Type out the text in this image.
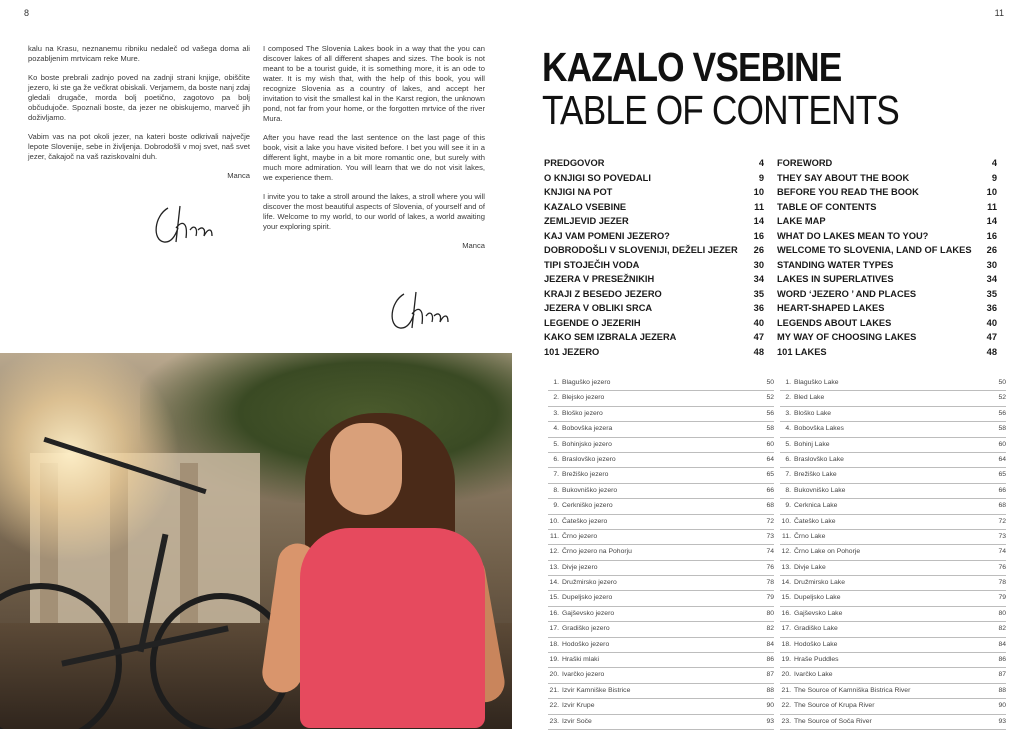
8

kalu na Krasu, neznanemu ribniku nedaleč od vašega doma ali pozabljenim mrtvicam reke Mure.

Ko boste prebrali zadnjo poved na zadnji strani knjige, obiščite jezero, ki ste ga že večkrat obiskali. Verjamem, da boste nanj zdaj gledali drugače, morda bolj poetično, zagotovo pa bolj občudujoče. Spoznali boste, da jezer ne obiskujemo, marveč jih doživljamo.

Vabim vas na pot okoli jezer, na kateri boste odkrivali največje lepote Slovenije, sebe in življenja. Dobrodošli v moj svet, naš svet jezer, čakajoč na vaš raziskovalni duh.

Manca

I composed The Slovenia Lakes book in a way that the you can discover lakes of all different shapes and sizes. The book is not meant to be a tourist guide, it is something more, it is an ode to water. It is my wish that, with the help of this book, you will recognize Slovenia as a country of lakes, and accept her invitation to visit the smallest kal in the Karst region, the unknown pond, not far from your home, or the forgotten mrtvice of the river Mura.

After you have read the last sentence on the last page of this book, visit a lake you have visited before. I bet you will see it in a different light, maybe in a bit more romantic one, but surely with much more admiration. You will learn that we do not visit lakes, we experience them.

I invite you to take a stroll around the lakes, a stroll where you will discover the most beautiful aspects of Slovenia, of yourself and of life. Welcome to my world, to our world of lakes, a world awaiting your exploring spirit.

Manca
11
KAZALO VSEBINE
TABLE OF CONTENTS
PREDGOVOR	4
O KNJIGI SO POVEDALI	9
KNJIGI NA POT	10
KAZALO VSEBINE	11
ZEMLJEVID JEZER	14
KAJ VAM POMENI JEZERO?	16
DOBRODOŠLI V SLOVENIJI, DEŽELI JEZER 26
TIPI STOJEČIH VODA	30
JEZERA V PRESEŽNIKIH	34
KRAJI Z BESEDO JEZERO	35
JEZERA V OBLIKI SRCA	36
LEGENDE O JEZERIH	40
KAKO SEM IZBRALA JEZERA	47
101 JEZERO	48
FOREWORD	4
THEY SAY ABOUT THE BOOK	9
BEFORE YOU READ THE BOOK	10
TABLE OF CONTENTS	11
LAKE MAP	14
WHAT DO LAKES MEAN TO YOU?	16
WELCOME TO SLOVENIA, LAND OF LAKES 26
STANDING WATER TYPES	30
LAKES IN SUPERLATIVES	34
WORD ‘JEZERO ’ AND PLACES	35
HEART-SHAPED LAKES	36
LEGENDS ABOUT LAKES	40
MY WAY OF CHOOSING LAKES	47
101 LAKES	48
1. Blaguško jezero	50
2. Blejsko jezero	52
3. Bloško jezero	56
4. Bobovška jezera	58
5. Bohinjsko jezero	60
6. Braslovško jezero	64
7. Brežiško jezero	65
8. Bukovniško jezero	66
9. Cerkniško jezero	68
10. Čateško jezero	72
11. Črno jezero	73
12. Črno jezero na Pohorju	74
13. Divje jezero	76
14. Družmirsko jezero	78
15. Dupeljsko jezero	79
16. Gajševsko jezero	80
17. Gradiško jezero	82
18. Hodoško jezero	84
19. Hraški mlaki	86
20. Ivarčko jezero	87
21. Izvir Kamniške Bistrice	88
22. Izvir Krupe	90
23. Izvir Soče	93
1. Blaguško Lake	50
2. Bled Lake	52
3. Bloško Lake	56
4. Bobovška Lakes	58
5. Bohinj Lake	60
6. Braslovško Lake	64
7. Brežiško Lake	65
8. Bukovniško Lake	66
9. Cerknica Lake	68
10. Čateško Lake	72
11. Črno Lake	73
12. Črno Lake on Pohorje	74
13. Divje Lake	76
14. Družmirsko Lake	78
15. Dupeljsko Lake	79
16. Gajševsko Lake	80
17. Gradiško Lake	82
18. Hodoško Lake	84
19. Hraše Puddles	86
20. Ivarčko Lake	87
21. The Source of Kamniška Bistrica River	88
22. The Source of Krupa River	90
23. The Source of Soča River	93
